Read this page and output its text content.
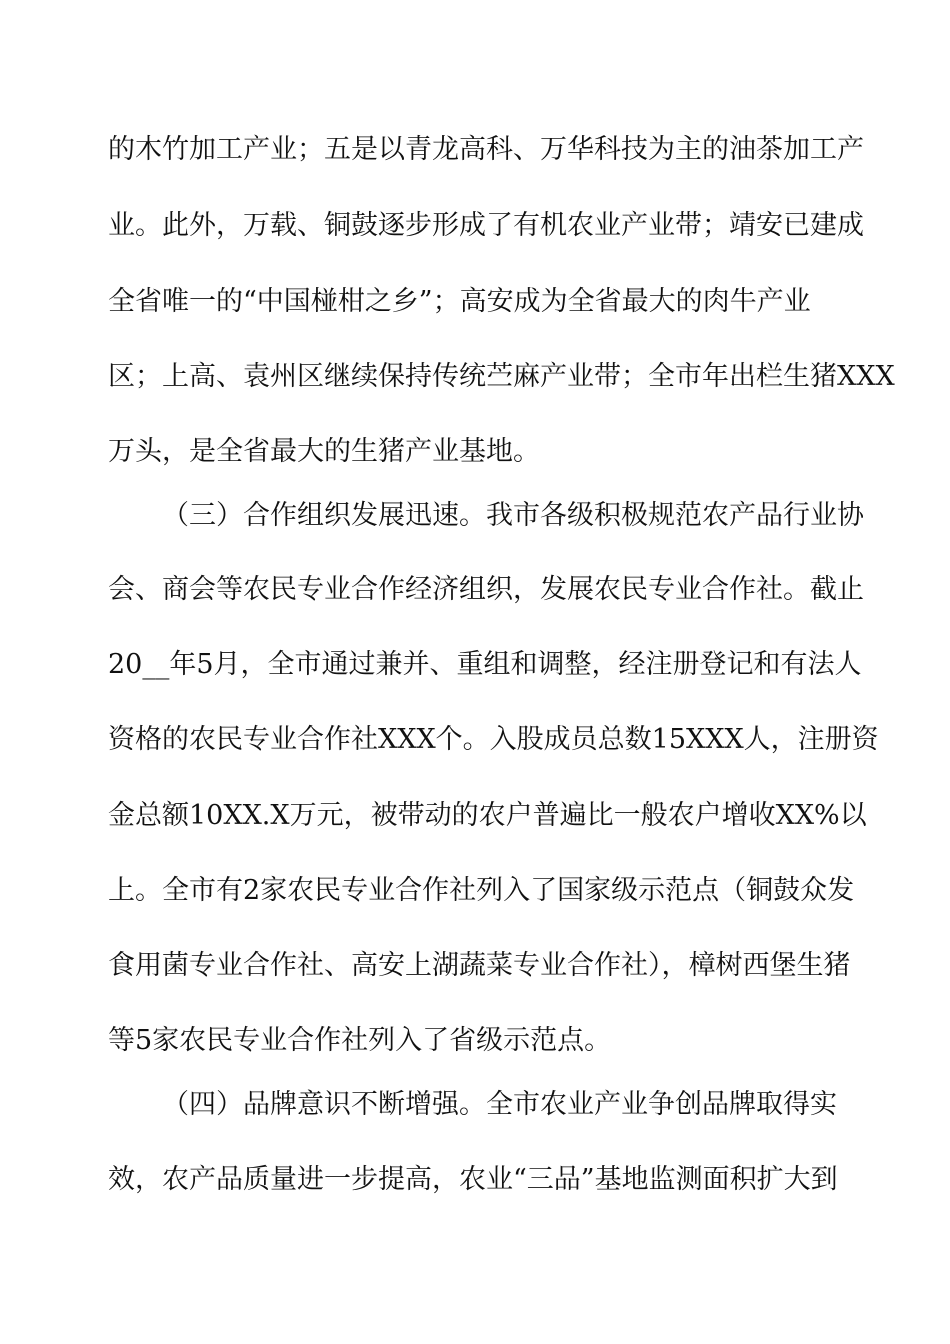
的木竹加工产业；五是以青龙高科、万华科技为主的油茶加工产
业。此外，万载、铜鼓逐步形成了有机农业产业带；靖安已建成
全省唯一的“中国椪柑之乡”；高安成为全省最大的肉牛产业
区；上高、袁州区继续保持传统苎麻产业带；全市年出栏生猪XXX
万头，是全省最大的生猪产业基地。
（三）合作组织发展迅速。我市各级积极规范农产品行业协
会、商会等农民专业合作经济组织，发展农民专业合作社。截止
20__年5月，全市通过兼并、重组和调整，经注册登记和有法人
资格的农民专业合作社XXX个。入股成员总数15XXX人，注册资
金总额10XX.X万元，被带动的农户普遍比一般农户增收XX%以
上。全市有2家农民专业合作社列入了国家级示范点（铜鼓众发
食用菌专业合作社、高安上湖蔬菜专业合作社），樟树西堡生猪
等5家农民专业合作社列入了省级示范点。
（四）品牌意识不断增强。全市农业产业争创品牌取得实
效，农产品质量进一步提高，农业“三品”基地监测面积扩大到
